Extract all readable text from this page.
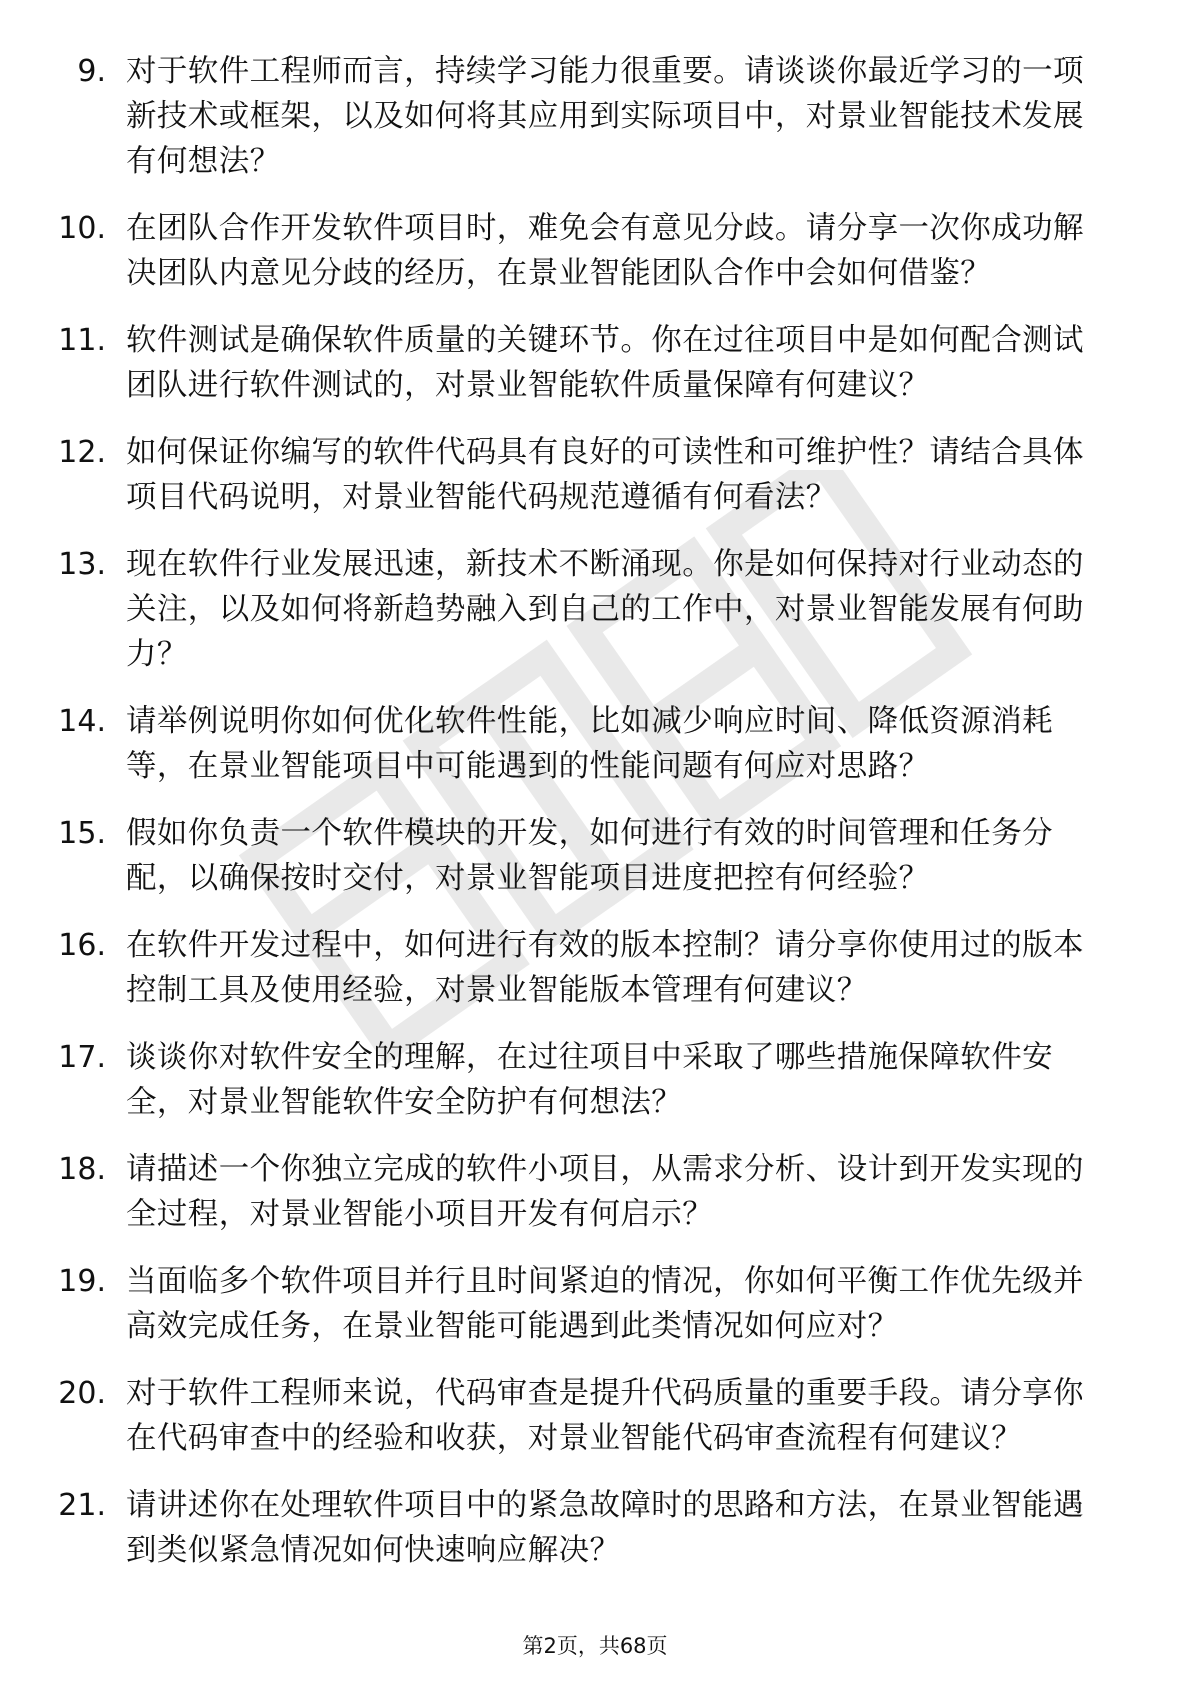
9. 对于软件工程师而言，持续学习能力很重要。请谈谈你最近学习的一项新技术或框架，以及如何将其应用到实际项目中，对景业智能技术发展有何想法？
10. 在团队合作开发软件项目时，难免会有意见分歧。请分享一次你成功解决团队内意见分歧的经历，在景业智能团队合作中会如何借鉴？
11. 软件测试是确保软件质量的关键环节。你在过往项目中是如何配合测试团队进行软件测试的，对景业智能软件质量保障有何建议？
12. 如何保证你编写的软件代码具有良好的可读性和可维护性？请结合具体项目代码说明，对景业智能代码规范遵循有何看法？
13. 现在软件行业发展迅速，新技术不断涌现。你是如何保持对行业动态的关注，以及如何将新趋势融入到自己的工作中，对景业智能发展有何助力？
14. 请举例说明你如何优化软件性能，比如减少响应时间、降低资源消耗等，在景业智能项目中可能遇到的性能问题有何应对思路？
15. 假如你负责一个软件模块的开发，如何进行有效的时间管理和任务分配，以确保按时交付，对景业智能项目进度把控有何经验？
16. 在软件开发过程中，如何进行有效的版本控制？请分享你使用过的版本控制工具及使用经验，对景业智能版本管理有何建议？
17. 谈谈你对软件安全的理解，在过往项目中采取了哪些措施保障软件安全，对景业智能软件安全防护有何想法？
18. 请描述一个你独立完成的软件小项目，从需求分析、设计到开发实现的全过程，对景业智能小项目开发有何启示？
19. 当面临多个软件项目并行且时间紧迫的情况，你如何平衡工作优先级并高效完成任务，在景业智能可能遇到此类情况如何应对？
20. 对于软件工程师来说，代码审查是提升代码质量的重要手段。请分享你在代码审查中的经验和收获，对景业智能代码审查流程有何建议？
21. 请讲述你在处理软件项目中的紧急故障时的思路和方法，在景业智能遇到类似紧急情况如何快速响应解决？
第2页，共68页
